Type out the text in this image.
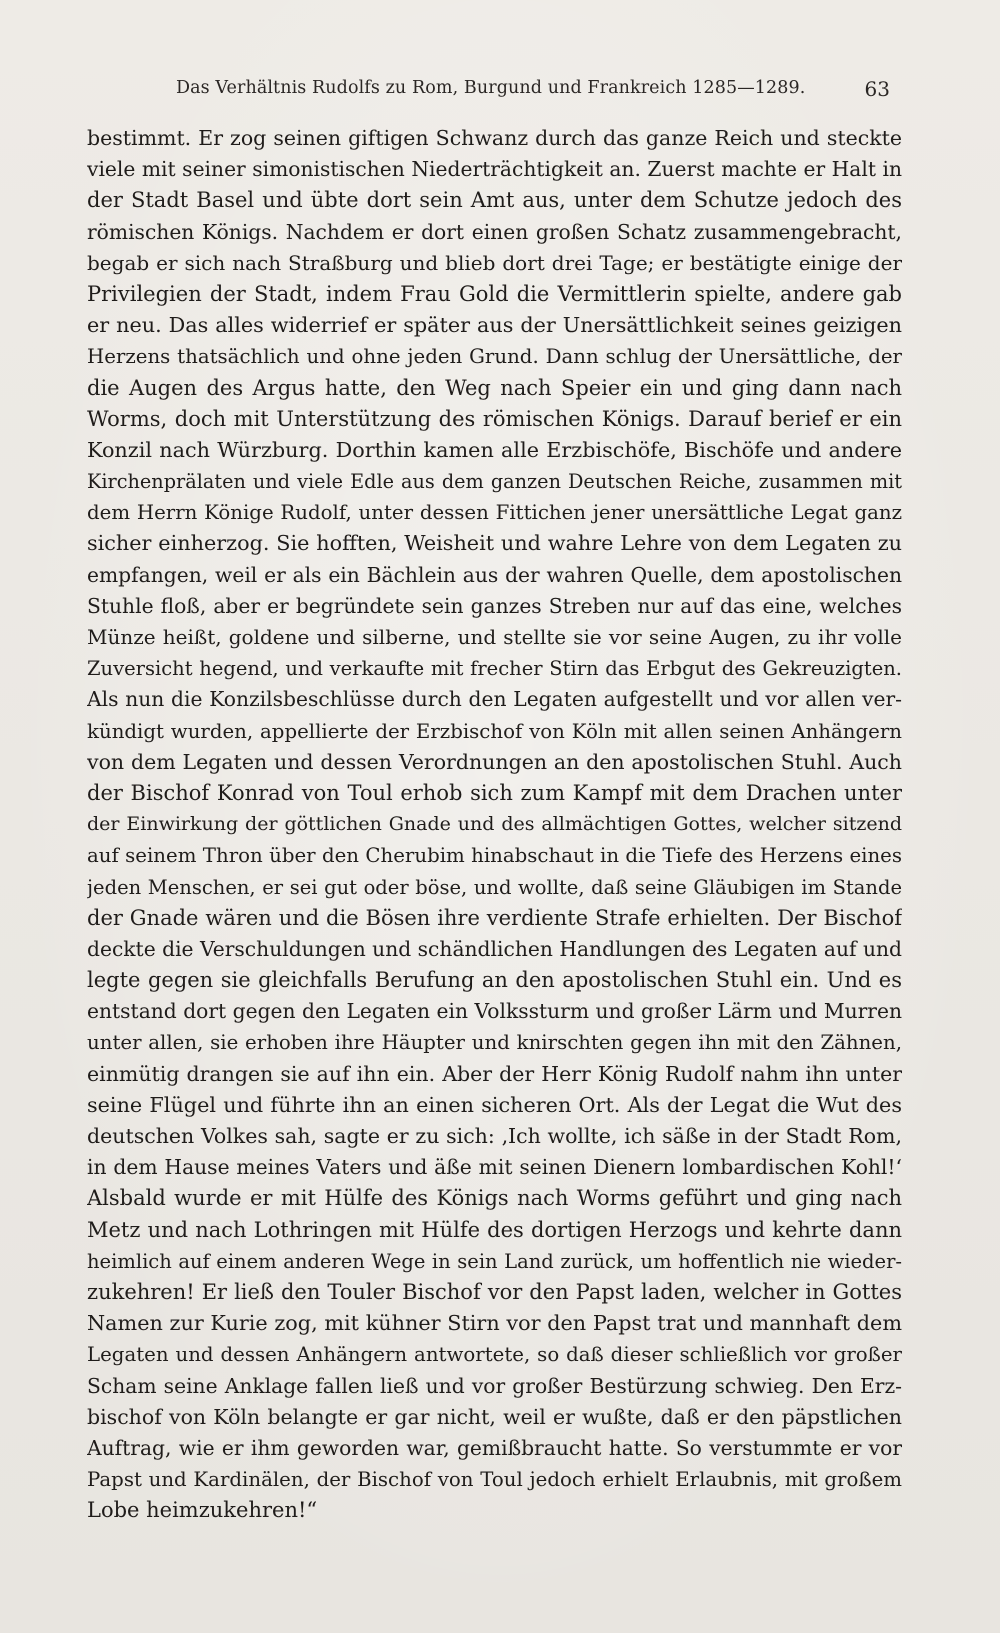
Das Verhältnis Rudolfs zu Rom, Burgund und Frankreich 1285—1289.	63
bestimmt. Er zog seinen giftigen Schwanz durch das ganze Reich und steckte
viele mit seiner simonistischen Niederträchtigkeit an. Zuerst machte er Halt in
der Stadt Basel und übte dort sein Amt aus, unter dem Schutze jedoch des
römischen Königs. Nachdem er dort einen großen Schatz zusammengebracht,
begab er sich nach Straßburg und blieb dort drei Tage; er bestätigte einige der
Privilegien der Stadt, indem Frau Gold die Vermittlerin spielte, andere gab
er neu. Das alles widerrief er später aus der Unersättlichkeit seines geizigen
Herzens thatsächlich und ohne jeden Grund. Dann schlug der Unersättliche, der
die Augen des Argus hatte, den Weg nach Speier ein und ging dann nach
Worms, doch mit Unterstützung des römischen Königs. Darauf berief er ein
Konzil nach Würzburg. Dorthin kamen alle Erzbischöfe, Bischöfe und andere
Kirchenprälaten und viele Edle aus dem ganzen Deutschen Reiche, zusammen mit
dem Herrn Könige Rudolf, unter dessen Fittichen jener unersättliche Legat ganz
sicher einherzog. Sie hofften, Weisheit und wahre Lehre von dem Legaten zu
empfangen, weil er als ein Bächlein aus der wahren Quelle, dem apostolischen
Stuhle floß, aber er begründete sein ganzes Streben nur auf das eine, welches
Münze heißt, goldene und silberne, und stellte sie vor seine Augen, zu ihr volle
Zuversicht hegend, und verkaufte mit frecher Stirn das Erbgut des Gekreuzigten.
Als nun die Konzilsbeschlüsse durch den Legaten aufgestellt und vor allen ver-
kündigt wurden, appellierte der Erzbischof von Köln mit allen seinen Anhängern
von dem Legaten und dessen Verordnungen an den apostolischen Stuhl. Auch
der Bischof Konrad von Toul erhob sich zum Kampf mit dem Drachen unter
der Einwirkung der göttlichen Gnade und des allmächtigen Gottes, welcher sitzend
auf seinem Thron über den Cherubim hinabschaut in die Tiefe des Herzens eines
jeden Menschen, er sei gut oder böse, und wollte, daß seine Gläubigen im Stande
der Gnade wären und die Bösen ihre verdiente Strafe erhielten. Der Bischof
deckte die Verschuldungen und schändlichen Handlungen des Legaten auf und
legte gegen sie gleichfalls Berufung an den apostolischen Stuhl ein. Und es
entstand dort gegen den Legaten ein Volkssturm und großer Lärm und Murren
unter allen, sie erhoben ihre Häupter und knirschten gegen ihn mit den Zähnen,
einmütig drangen sie auf ihn ein. Aber der Herr König Rudolf nahm ihn unter
seine Flügel und führte ihn an einen sicheren Ort. Als der Legat die Wut des
deutschen Volkes sah, sagte er zu sich: ‚Ich wollte, ich säße in der Stadt Rom,
in dem Hause meines Vaters und äße mit seinen Dienern lombardischen Kohl!‘
Alsbald wurde er mit Hülfe des Königs nach Worms geführt und ging nach
Metz und nach Lothringen mit Hülfe des dortigen Herzogs und kehrte dann
heimlich auf einem anderen Wege in sein Land zurück, um hoffentlich nie wieder-
zukehren! Er ließ den Touler Bischof vor den Papst laden, welcher in Gottes
Namen zur Kurie zog, mit kühner Stirn vor den Papst trat und mannhaft dem
Legaten und dessen Anhängern antwortete, so daß dieser schließlich vor großer
Scham seine Anklage fallen ließ und vor großer Bestürzung schwieg. Den Erz-
bischof von Köln belangte er gar nicht, weil er wußte, daß er den päpstlichen
Auftrag, wie er ihm geworden war, gemißbraucht hatte. So verstummte er vor
Papst und Kardinälen, der Bischof von Toul jedoch erhielt Erlaubnis, mit großem
Lobe heimzukehren!“
